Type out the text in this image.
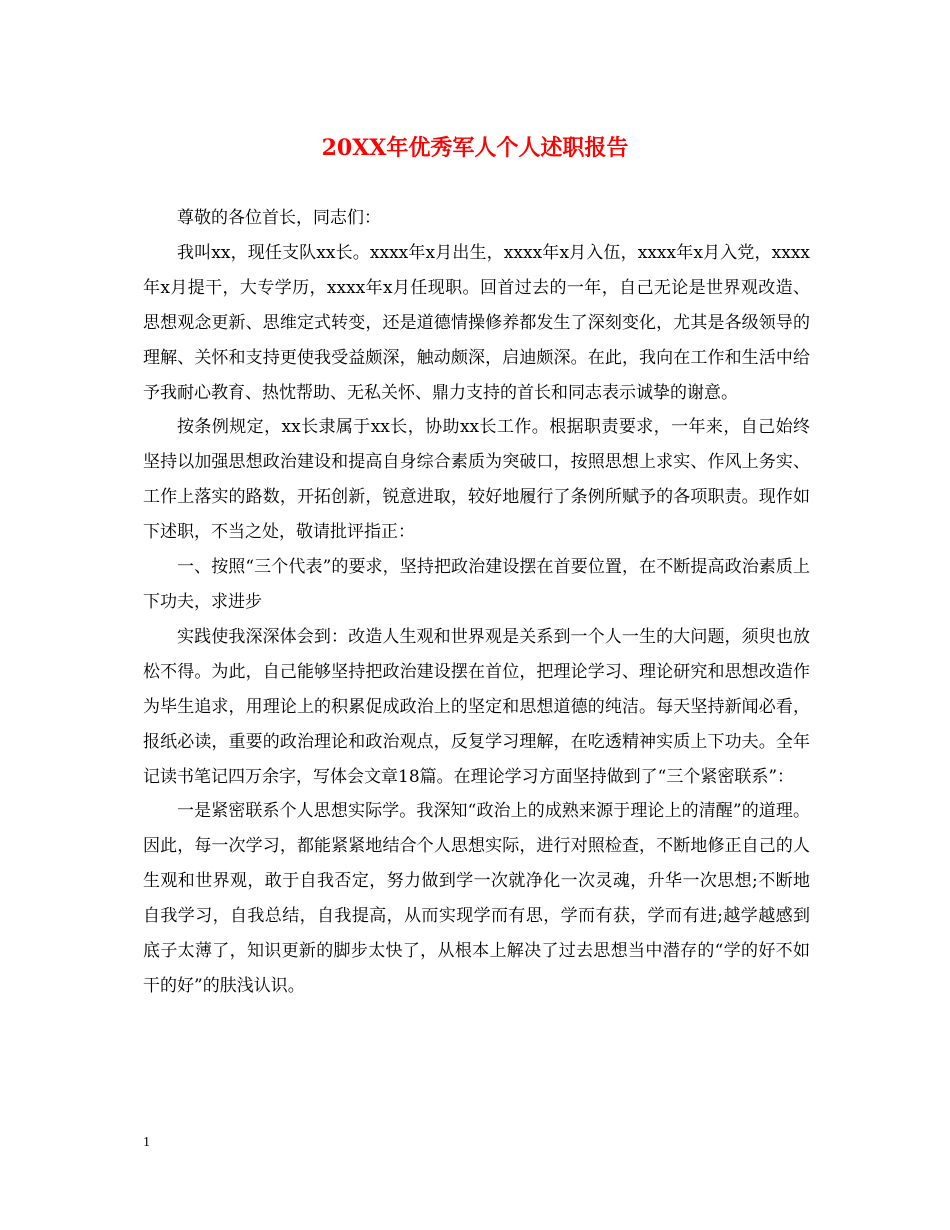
20XX年优秀军人个人述职报告

尊敬的各位首长，同志们：

我叫xx，现任支队xx长。xxxx年x月出生，xxxx年x月入伍，xxxx年x月入党，xxxx年x月提干，大专学历，xxxx年x月任现职。回首过去的一年，自己无论是世界观改造、思想观念更新、思维定式转变，还是道德情操修养都发生了深刻变化，尤其是各级领导的理解、关怀和支持更使我受益颇深，触动颇深，启迪颇深。在此，我向在工作和生活中给予我耐心教育、热忱帮助、无私关怀、鼎力支持的首长和同志表示诚挚的谢意。

按条例规定，xx长隶属于xx长，协助xx长工作。根据职责要求，一年来，自己始终坚持以加强思想政治建设和提高自身综合素质为突破口，按照思想上求实、作风上务实、工作上落实的路数，开拓创新，锐意进取，较好地履行了条例所赋予的各项职责。现作如下述职，不当之处，敬请批评指正：

一、按照“三个代表”的要求，坚持把政治建设摆在首要位置，在不断提高政治素质上下功夫，求进步

实践使我深深体会到：改造人生观和世界观是关系到一个人一生的大问题，须臾也放松不得。为此，自己能够坚持把政治建设摆在首位，把理论学习、理论研究和思想改造作为毕生追求，用理论上的积累促成政治上的坚定和思想道德的纯洁。每天坚持新闻必看，报纸必读，重要的政治理论和政治观点，反复学习理解，在吃透精神实质上下功夫。全年记读书笔记四万余字，写体会文章18篇。在理论学习方面坚持做到了“三个紧密联系”：

一是紧密联系个人思想实际学。我深知“政治上的成熟来源于理论上的清醒”的道理。因此，每一次学习，都能紧紧地结合个人思想实际，进行对照检查，不断地修正自己的人生观和世界观，敢于自我否定，努力做到学一次就净化一次灵魂，升华一次思想;不断地自我学习，自我总结，自我提高，从而实现学而有思，学而有获，学而有进;越学越感到底子太薄了，知识更新的脚步太快了，从根本上解决了过去思想当中潜存的“学的好不如干的好”的肤浅认识。

1
